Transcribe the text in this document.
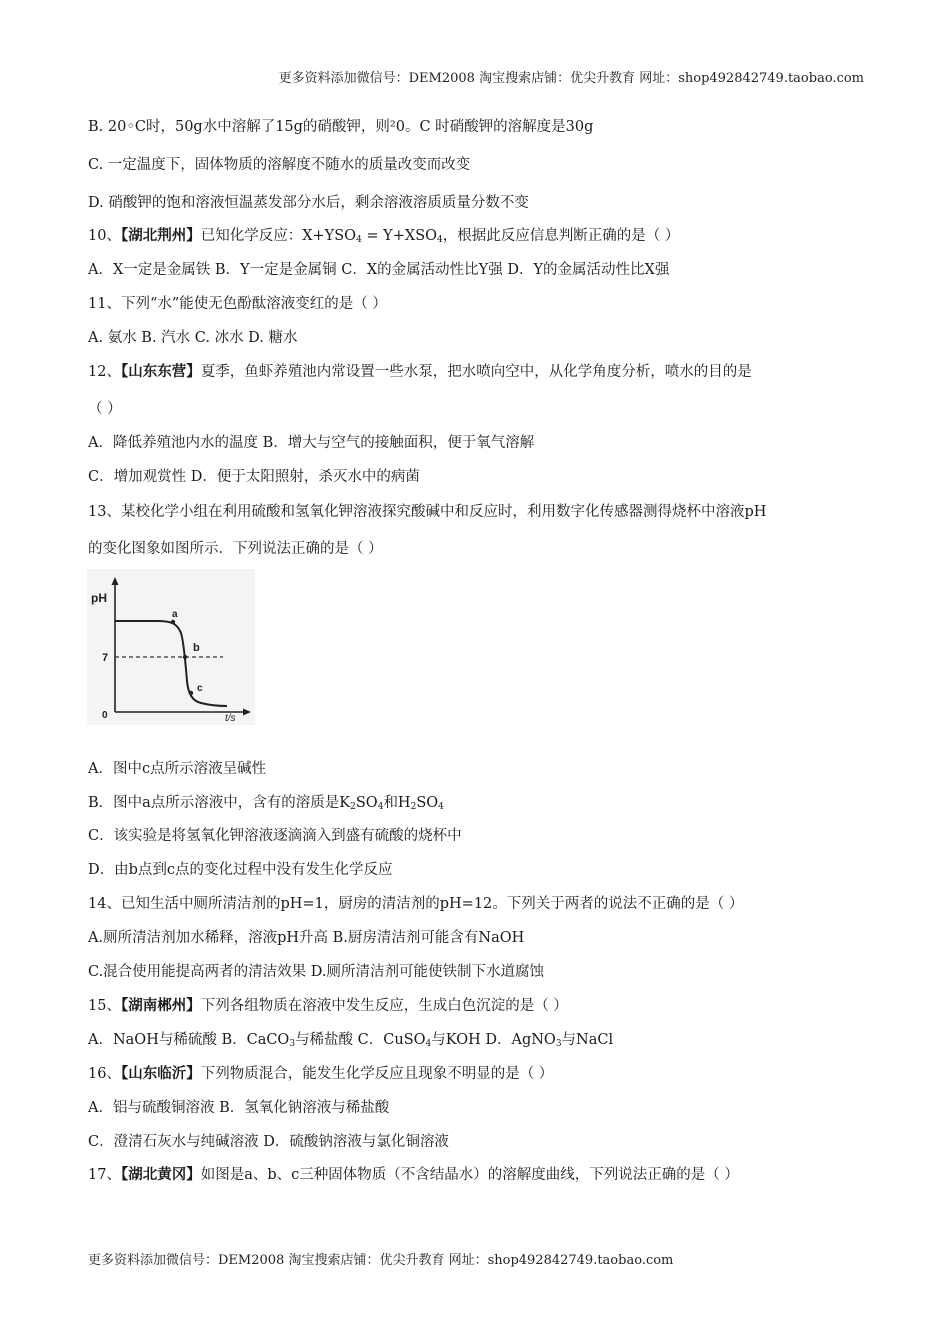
更多资料添加微信号：DEM2008 淘宝搜索店铺：优尖升教育 网址：shop492842749.taobao.com
B. 20◦C时，50g水中溶解了15g的硝酸钾，则²0。C 时硝酸钾的溶解度是30g
C. 一定温度下，固体物质的溶解度不随水的质量改变而改变
D. 硝酸钾的饱和溶液恒温蒸发部分水后，剩余溶液溶质质量分数不变
10、【湖北荆州】已知化学反应：$X+YSO_4 = Y+XSO_4$，根据此反应信息判断正确的是（ ）
A．X一定是金属铁 B．Y一定是金属铜 C．X的金属活动性比Y强 D．Y的金属活动性比X强
11、下列“水”能使无色酚酞溶液变红的是（ ）
A. 氨水 B. 汽水 C. 冰水 D. 糖水
12、【山东东营】夏季，鱼虾养殖池内常设置一些水泵，把水喷向空中，从化学角度分析，喷水的目的是
（ ）
A．降低养殖池内水的温度 B．增大与空气的接触面积，便于氧气溶解
C．增加观赏性 D．便于太阳照射，杀灭水中的病菌
13、某校化学小组在利用硫酸和氢氧化钾溶液探究酸碱中和反应时，利用数字化传感器测得烧杯中溶液pH
的变化图象如图所示．下列说法正确的是（ ）
pH
7
0	t/s
a
b
c
A．图中c点所示溶液呈碱性
B．图中a点所示溶液中，含有的溶质是$K_2SO_4$和$H_2SO_4$
C．该实验是将氢氧化钾溶液逐滴滴入到盛有硫酸的烧杯中
D．由b点到c点的变化过程中没有发生化学反应
14、已知生活中厕所清洁剂的pH=1，厨房的清洁剂的pH=12。下列关于两者的说法不正确的是（ ）
A.厕所清洁剂加水稀释，溶液pH升高 B.厨房清洁剂可能含有NaOH
C.混合使用能提高两者的清洁效果 D.厕所清洁剂可能使铁制下水道腐蚀
15、【湖南郴州】下列各组物质在溶液中发生反应，生成白色沉淀的是（ ）
A．NaOH与稀硫酸 B．CaCO$_3$与稀盐酸 C．CuSO$_4$与KOH D．AgNO$_3$与NaCl
16、【山东临沂】下列物质混合，能发生化学反应且现象不明显的是（ ）
A．铝与硫酸铜溶液 B．氢氧化钠溶液与稀盐酸
C．澄清石灰水与纯碱溶液 D．硫酸钠溶液与氯化铜溶液
17、【湖北黄冈】如图是a、b、c三种固体物质（不含结晶水）的溶解度曲线，下列说法正确的是（ ）
更多资料添加微信号：DEM2008 淘宝搜索店铺：优尖升教育 网址：shop492842749.taobao.com
